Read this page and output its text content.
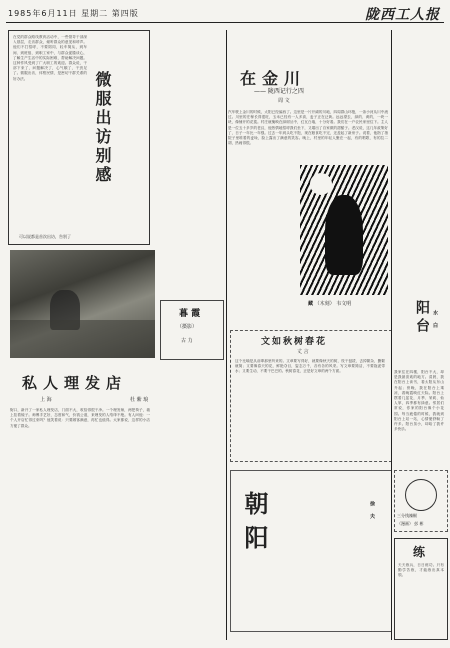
1985年6月11日 星期二 第四版	陇西工人报
在党的群众路线教育活动中，一些领导干部深入基层，走访群众，倾听群众的意见和呼声。他们不打招呼，不要陪同，轻车简从，到车间、到班组、到职工家中，与群众促膝谈心，了解生产生活中的实际困难，帮助解决问题。这种作风受到了广大职工的欢迎。群众说，干部下来了，问题解决了，心气顺了，干劲足了。微服出访，体察民情，是密切干群关系的好办法。	微服出访别感
可以说都是首次出访，告别了
暮 霞
（摄影）
古 力
私人理发店
上 海	杜 紫 琅
街口，新开了一家私人理发店，门面不大，收拾得很干净。一个理发师，两把椅子，墙上挂着镜子。师傅手艺好，态度和气，价钱公道，来理发的人络绎不绝。有人问他：一个人开店忙得过来吗？他笑着说：只要顾客满意，再忙也值得。大家都说，这样的小店方便了群众。
在金川
—— 陇西记行之四
周 文
汽车驶上金川的时候，太阳已经偏西了。这里是一片开阔的川地，四周群山环抱，一条小河从川中流过。川里的庄稼长得很旺，玉米已经有一人多高，麦子正在泛黄。远远望去，绿的、黄的，一块一块，像铺开的花毯。村庄就掩映在绿树丛中，红瓦白墙，十分好看。我们在一户农民家里住下。主人是一位五十多岁的老汉，他热情地招呼我们坐下，又端出了自家做的甜醅子。老汉说，这几年政策好了，日子一年比一年强。过去一年到头吃不饱，现在粮食吃不完，还盖起了新房子。说着，他指了指院子里堆着的麦垛，脸上露出了满意的笑容。晚上，村里的年轻人聚在一起，有的唱歌，有的拉二胡，热闹得很。
藏 （木刻） 韦文明
文如秋树春花
丈 言
这个比喻是从前辈那里听来的。文章要写得好，就要像秋天的树，枝干挺拔，去掉繁杂，删繁就简；又要像春天的花，鲜艳夺目，姿态万千，各有各的风采。写文章要简洁，不要拖泥带水；又要生动，不要干巴巴的。秋树春花，正是好文章的两个方面。
朝阳	徐 夫
阳台 水 白
我家住在四楼，阳台不大，却是我最喜欢的地方。清晨，我在阳台上读书，看太阳从东山升起；傍晚，我在阳台上乘凉，看晚霞映红天际。阳台上摆着几盆花，月季、茉莉、仙人掌，四季都有绿意。邻居们常说，你家的阳台像个小花园。每当疲倦的时候，我就到阳台上站一站，心情便舒畅了许多。阳台虽小，却给了我许多快乐。
三分钱辣椒
（漫画） 彭 彬
练
天天练兵，日日练功。只有勤学苦练，才能练出真本领。
